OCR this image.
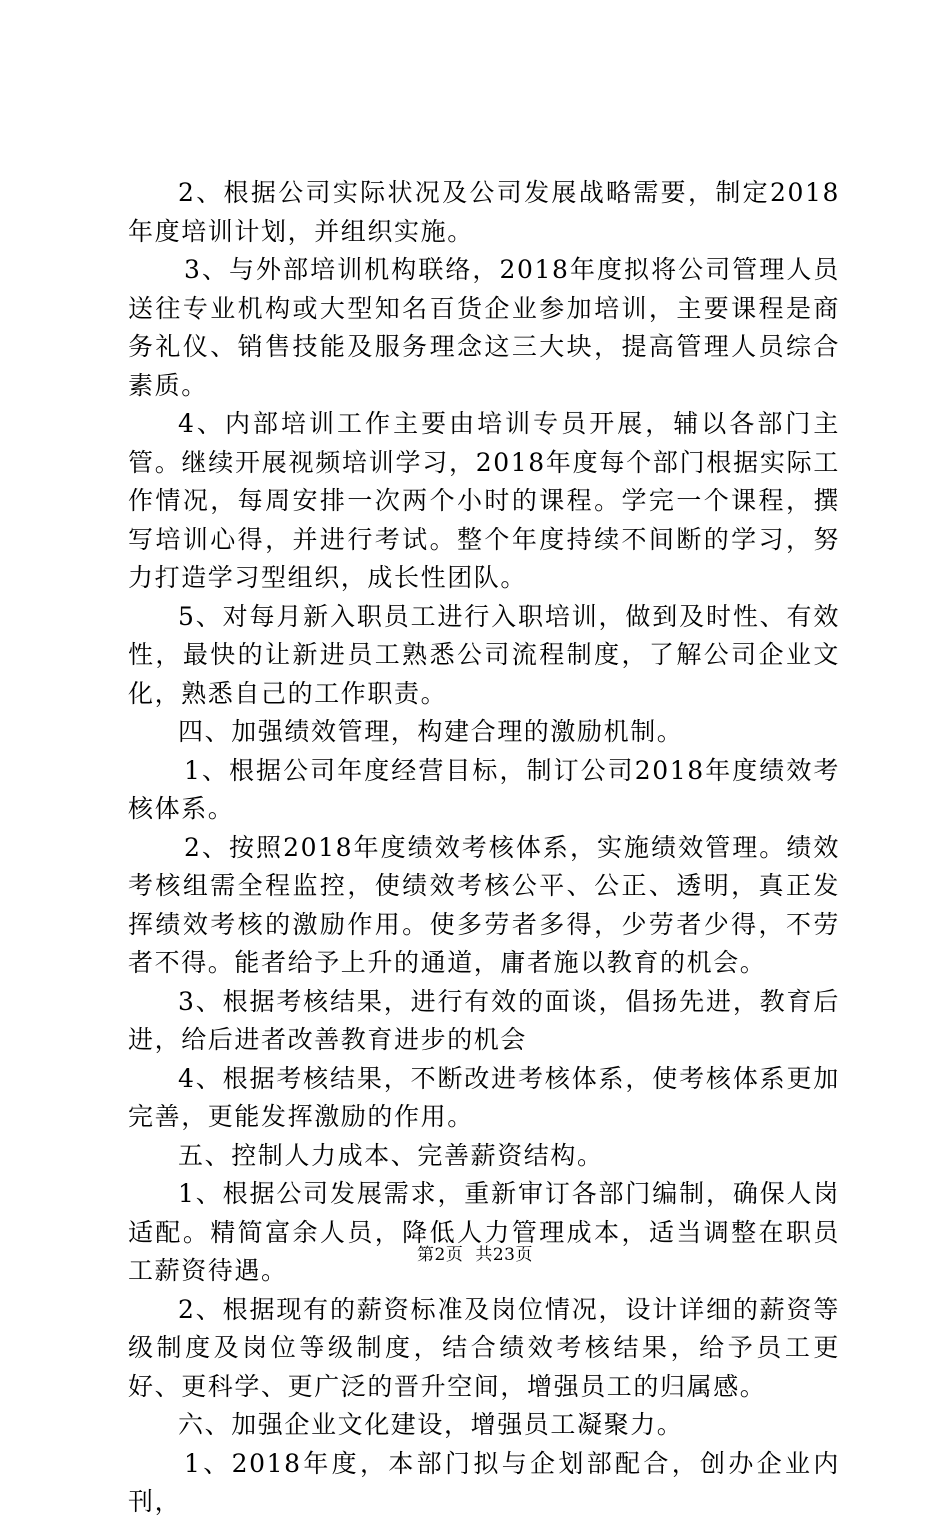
2、根据公司实际状况及公司发展战略需要，制定2018年度培训计划，并组织实施。

3、与外部培训机构联络，2018年度拟将公司管理人员送往专业机构或大型知名百货企业参加培训，主要课程是商务礼仪、销售技能及服务理念这三大块，提高管理人员综合素质。

4、内部培训工作主要由培训专员开展，辅以各部门主管。继续开展视频培训学习，2018年度每个部门根据实际工作情况，每周安排一次两个小时的课程。学完一个课程，撰写培训心得，并进行考试。整个年度持续不间断的学习，努力打造学习型组织，成长性团队。

5、对每月新入职员工进行入职培训，做到及时性、有效性，最快的让新进员工熟悉公司流程制度，了解公司企业文化，熟悉自己的工作职责。

四、加强绩效管理，构建合理的激励机制。

1、根据公司年度经营目标，制订公司2018年度绩效考核体系。

2、按照2018年度绩效考核体系，实施绩效管理。绩效考核组需全程监控，使绩效考核公平、公正、透明，真正发挥绩效考核的激励作用。使多劳者多得，少劳者少得，不劳者不得。能者给予上升的通道，庸者施以教育的机会。

3、根据考核结果，进行有效的面谈，倡扬先进，教育后进，给后进者改善教育进步的机会

4、根据考核结果，不断改进考核体系，使考核体系更加完善，更能发挥激励的作用。

五、控制人力成本、完善薪资结构。

1、根据公司发展需求，重新审订各部门编制，确保人岗适配。精简富余人员，降低人力管理成本，适当调整在职员工薪资待遇。

2、根据现有的薪资标准及岗位情况，设计详细的薪资等级制度及岗位等级制度，结合绩效考核结果，给予员工更好、更科学、更广泛的晋升空间，增强员工的归属感。

六、加强企业文化建设，增强员工凝聚力。

1、2018年度，本部门拟与企划部配合，创办企业内刊，

第2页 共23页
